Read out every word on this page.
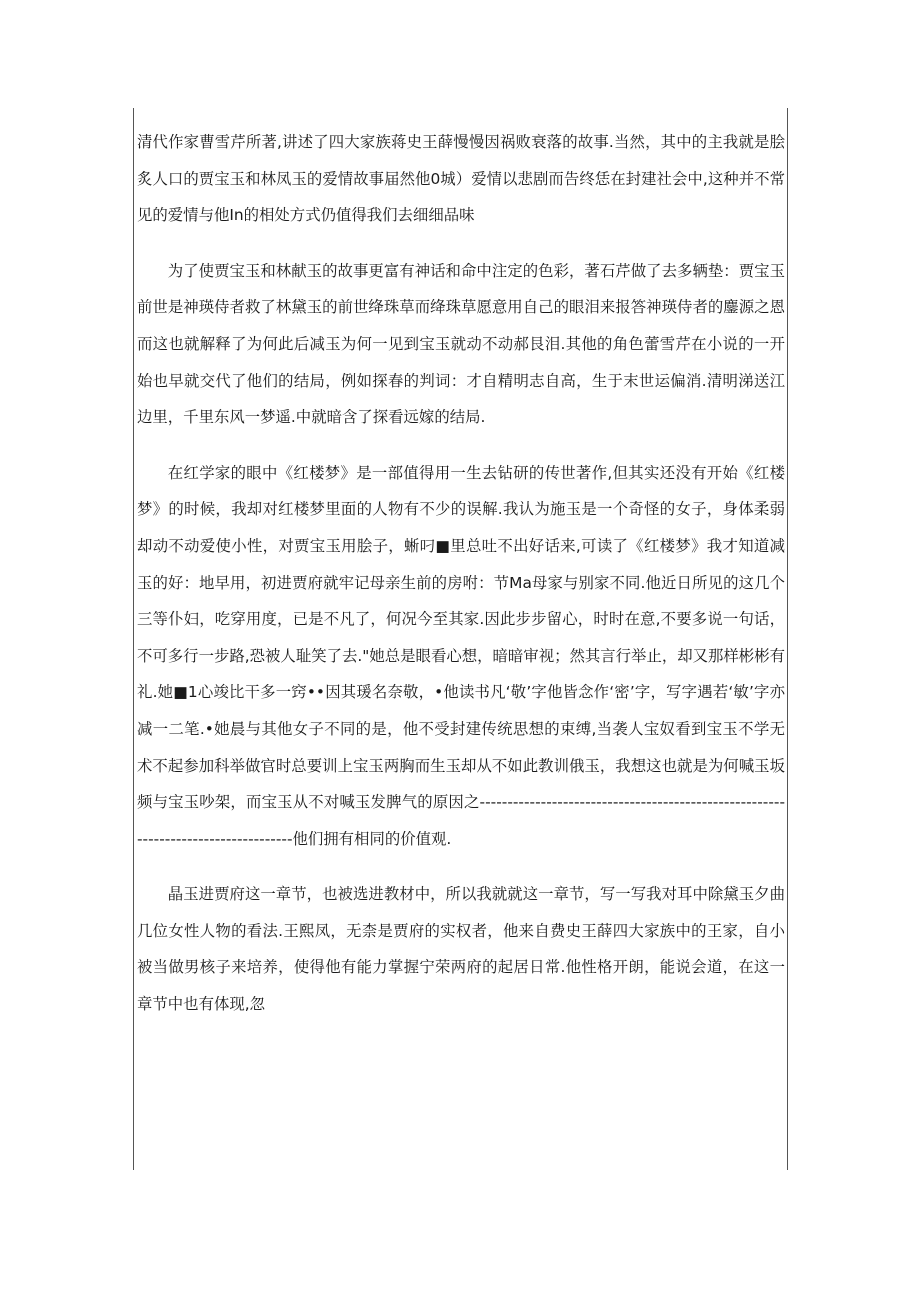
清代作家曹雪芹所著,讲述了四大家族蒋史王薛慢慢因祸败衰落的故事.当然，其中的主我就是脍炙人口的贾宝玉和林凤玉的爱情故事届然他0城）爱情以悲剧而告终恁在封建社会中,这种并不常见的爱情与他In的相处方式仍值得我们去细细品味

为了使贾宝玉和林献玉的故事更富有神话和命中注定的色彩，著石芹做了去多辆垫：贾宝玉前世是神瑛侍者救了林黛玉的前世绛珠草而绛珠草愿意用自己的眼泪来报答神瑛侍者的鏖源之恩而这也就解释了为何此后减玉为何一见到宝玉就动不动郝艮泪.其他的角色蕾雪芹在小说的一开始也早就交代了他们的结局，例如探春的判词：才自精明志自高，生于末世运偏消.清明涕送江边里，千里东风一梦遥.中就暗含了探看远嫁的结局.

在红学家的眼中《红楼梦》是一部值得用一生去钻研的传世著作,但其实还没有开始《红楼梦》的时候，我却对红楼梦里面的人物有不少的误解.我认为施玉是一个奇怪的女子，身体柔弱却动不动爱使小性，对贾宝玉用脍子，蜥叼■里总吐不出好话来,可读了《红楼梦》我才知道减玉的好：地早用，初进贾府就牢记母亲生前的房咐：节Ma母家与别家不同.他近日所见的这几个三等仆妇，吃穿用度，已是不凡了，何况今至其家.因此步步留心，时时在意,不要多说一句话，不可多行一步路,恐被人耻笑了去."她总是眼看心想，暗暗审视；然其言行举止，却又那样彬彬有礼.她■1心竣比干多一窍••因其瑗名奈敬，•他读书凡‘敬’字他皆念作‘密’字，写字遇若‘敏’字亦减一二笔.•她晨与其他女子不同的是，他不受封建传统思想的束缚,当袭人宝奴看到宝玉不学无术不起参加科举做官时总要训上宝玉两胸而生玉却从不如此教训俄玉，我想这也就是为何喊玉坂频与宝玉吵架，而宝玉从不对喊玉发脾气的原因之-----------------------------------------------------------------------------------他们拥有相同的价值观.

晶玉进贾府这一章节，也被选进教材中，所以我就就这一章节，写一写我对耳中除黛玉夕曲几位女性人物的看法.王熙凤，无柰是贾府的实权者，他来自费史王薛四大家族中的王家，自小被当做男核子来培养，使得他有能力掌握宁荣两府的起居日常.他性格开朗，能说会道，在这一章节中也有体现,忽
